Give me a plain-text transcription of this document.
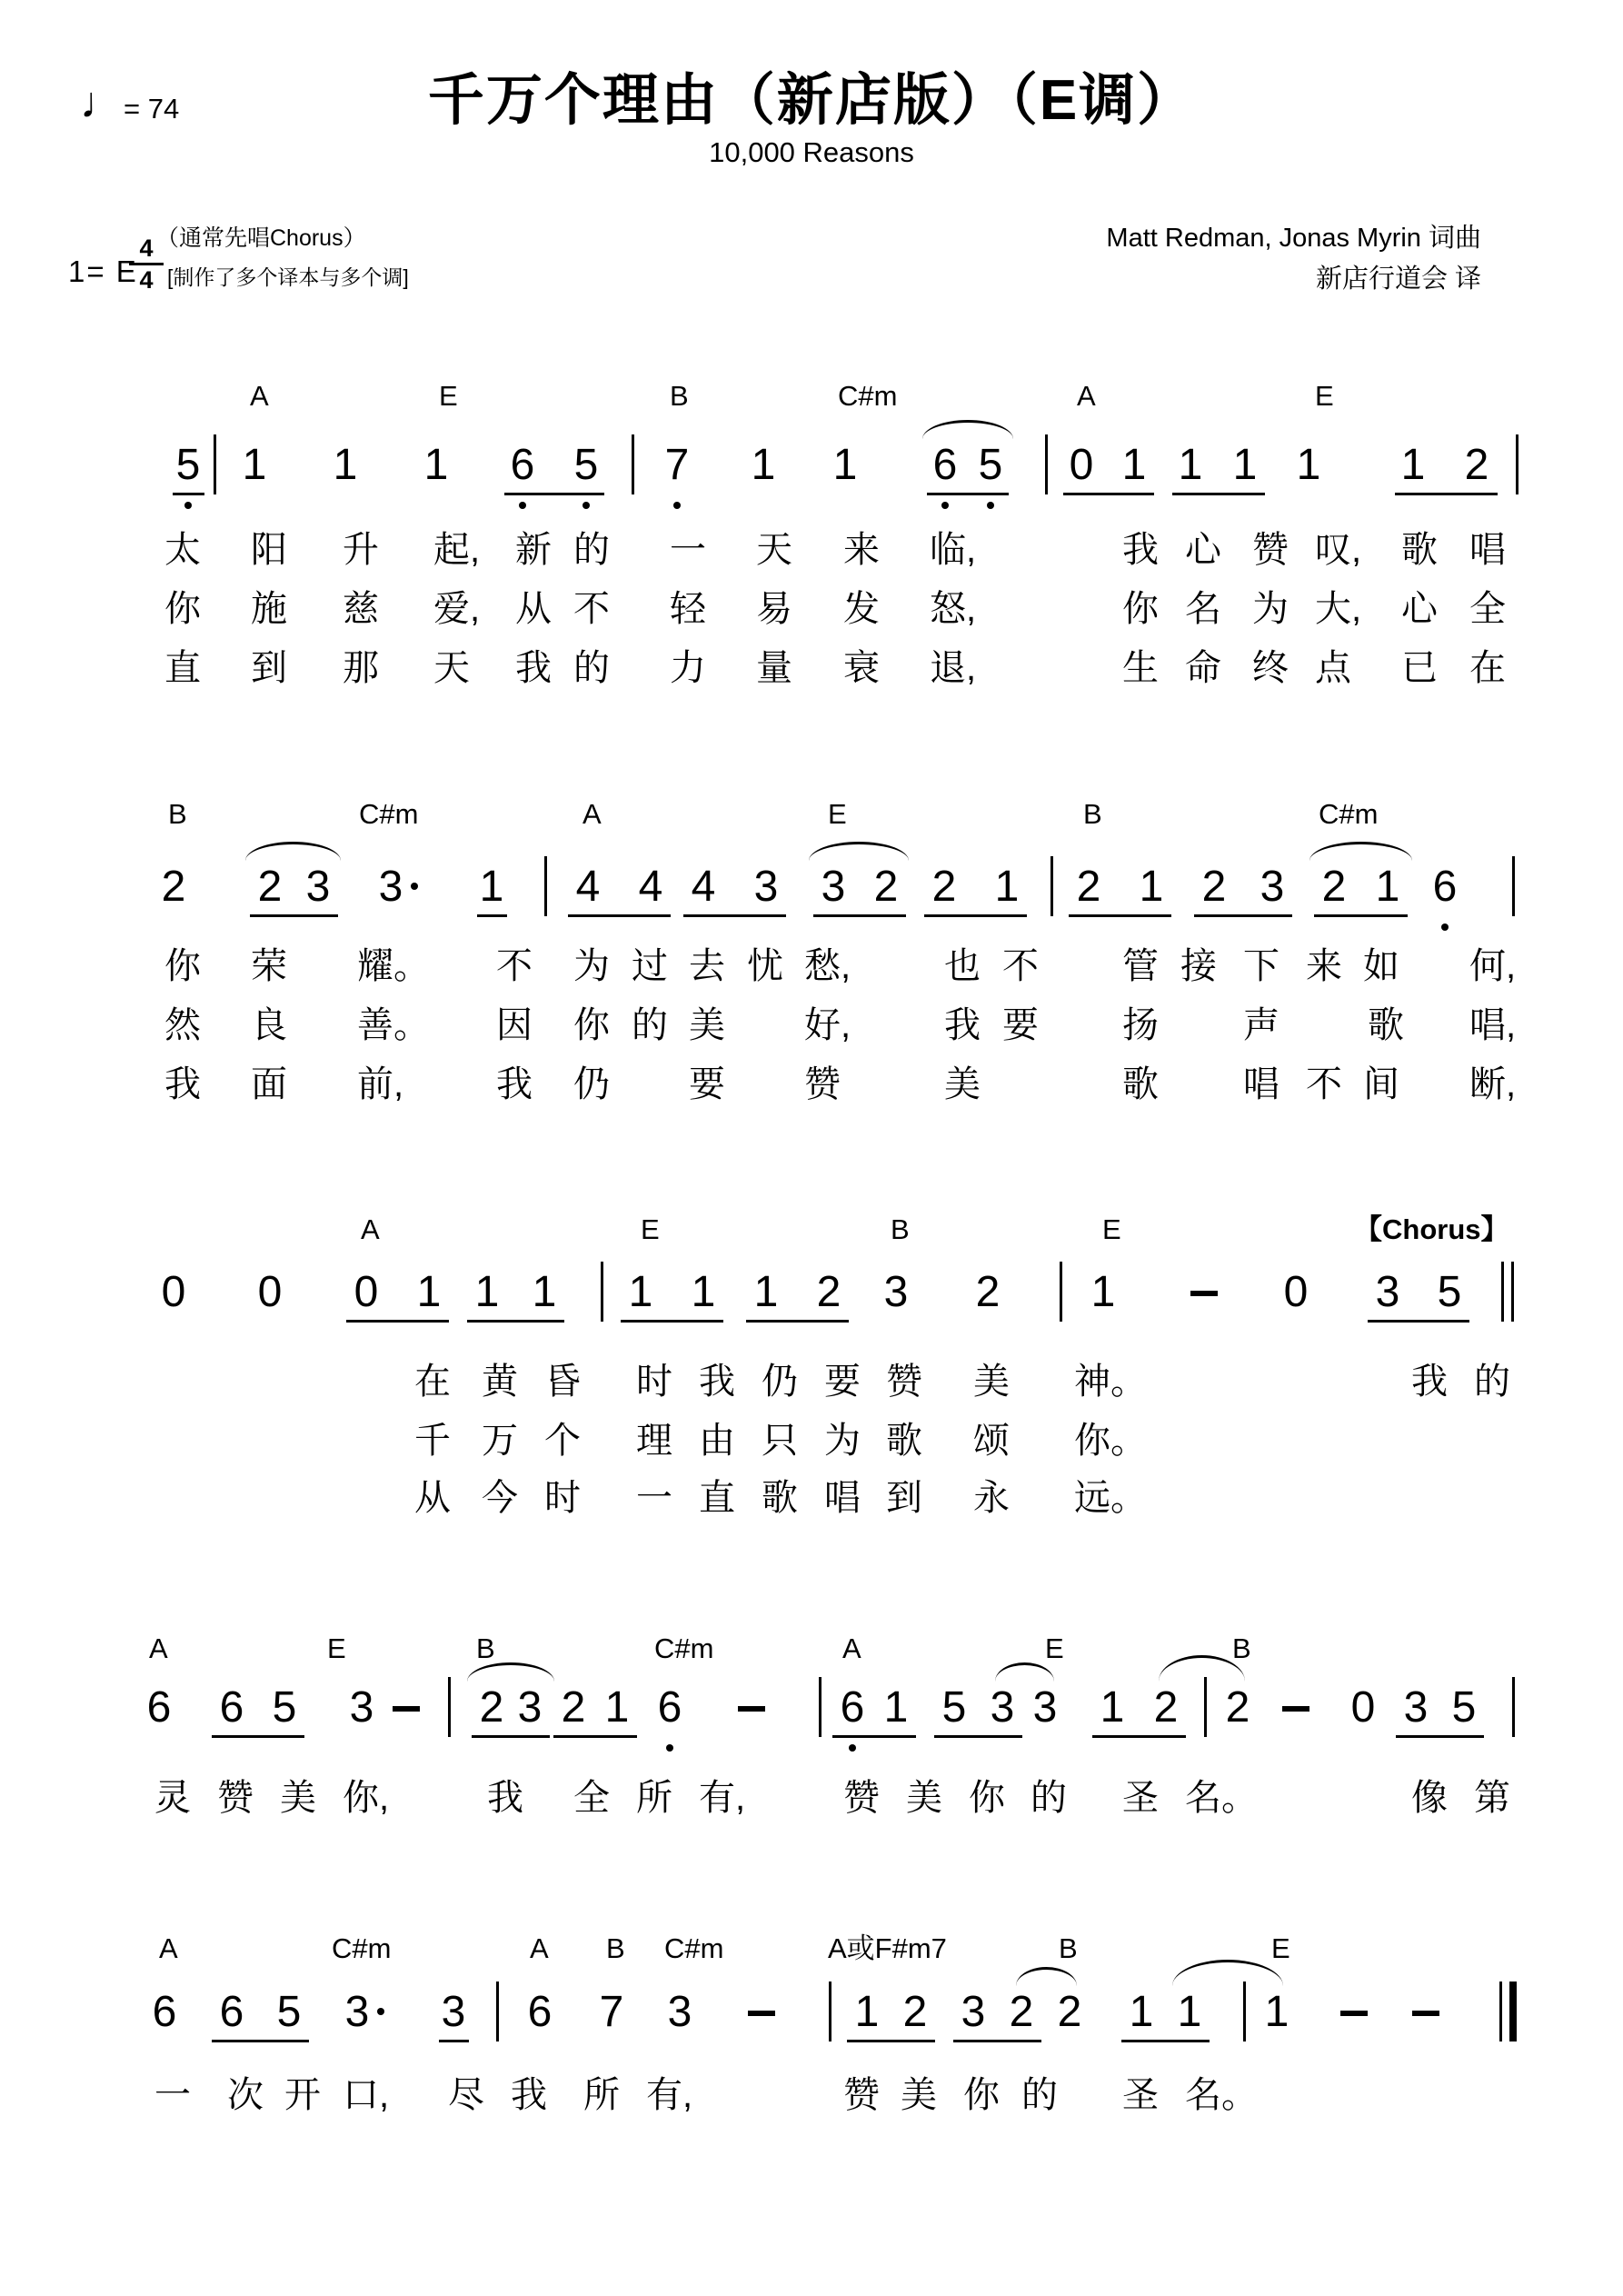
♩ = 74	千万个理由（新店版）（E调）
10,000 Reasons
（通常先唱Chorus）
1= E
$\frac{4}{4}$ [制作了多个译本与多个调]
Matt Redman, Jonas Myrin 词曲
新店行道会 译
A	E	B	C#m	A	E
5 1 1 1 6 5 7 1 1 6 5 0 1 1 1 1 1 2
太 阳 升 起, 新 的 一 天 来 临,	我 心 赞 叹, 歌 唱
你 施 慈 爱, 从 不 轻 易 发 怒,	你 名 为 大, 心 全
直 到 那 天 我 的 力 量 衰 退,	生 命 终 点 已 在
B	C#m	A	E	B	C#m
2 2 3 3 1 4 4 4 3 3 2 2 1 2 1 2 3 2 1 6
你 荣 耀。 不 为 过 去 忧 愁,	也 不 管 接 下 来 如 何,
然 良 善。 因 你 的 美 好,	我 要 扬 声 歌 唱,
我 面 前,	我 仍 要 赞	美	歌 唱 不 间 断,
A	E	B	E	【Chorus】
0 0 0 1 1 1 1 1 1 2 3 2 1	0 3 5
在 黄 昏 时 我 仍 要 赞 美 神。	我 的
千 万 个 理 由 只 为 歌 颂 你。
从 今 时 一 直 歌 唱 到 永 远。
A	E	B	C#m	A	E	B
6 6 5 3 2 3 2 1 6	6 1 5 3 3 1 2 2 0 3 5
灵 赞 美 你,	我 全 所 有,	赞 美 你 的 圣 名。	像 第
A	C#m	A B C#m	A或F#m7	B	E
6 6 5 3 3 6 7 3	1 2 3 2 2 1 1 1
一 次 开 口, 尽 我 所 有,	赞 美 你 的 圣 名。
